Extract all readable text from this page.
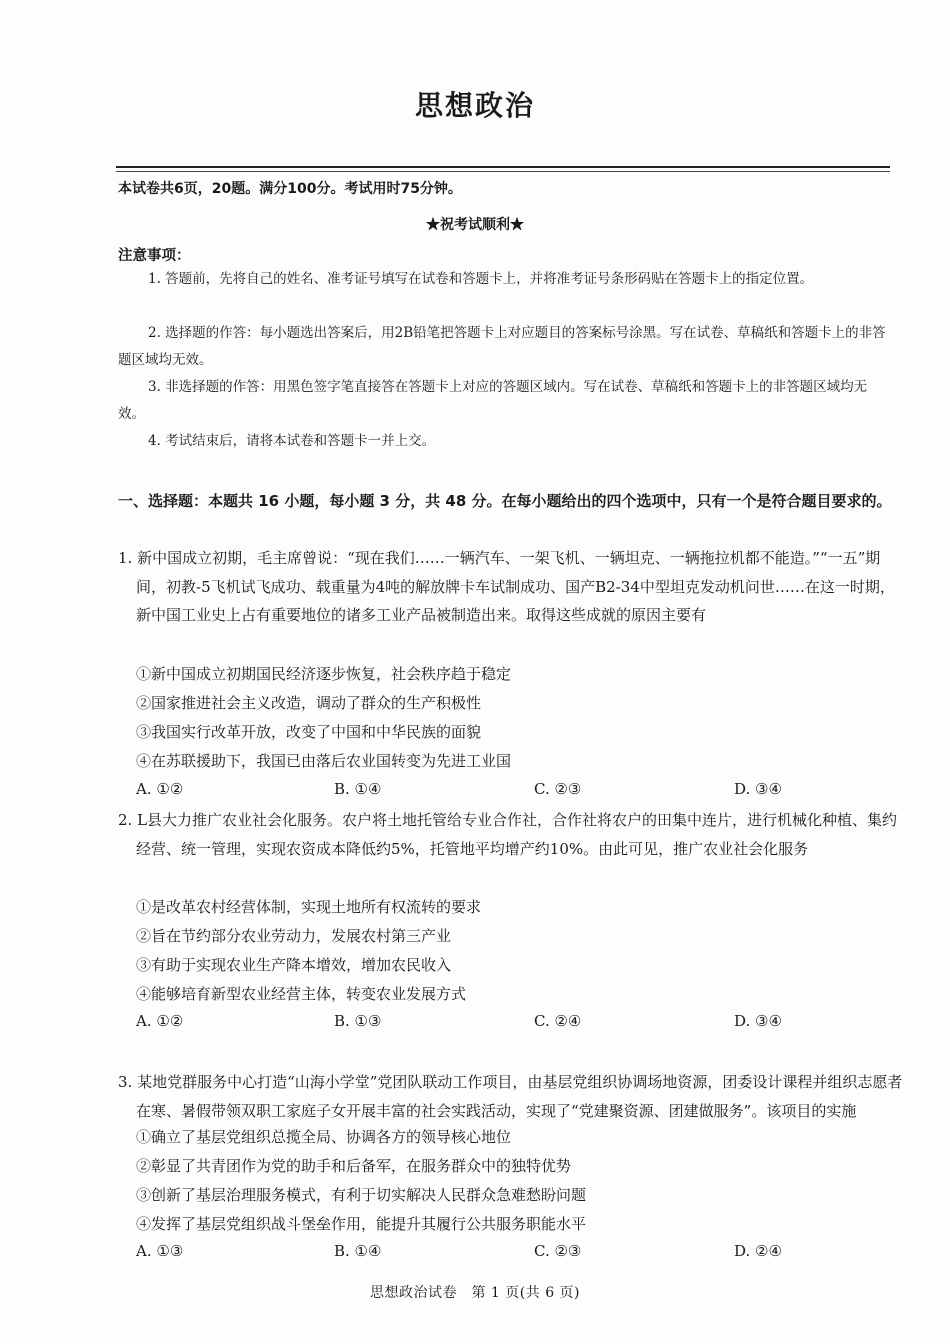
思想政治
本试卷共6页，20题。满分100分。考试用时75分钟。
★祝考试顺利★
注意事项：
1. 答题前，先将自己的姓名、准考证号填写在试卷和答题卡上，并将准考证号条形码贴在答题卡上的指定位置。
2. 选择题的作答：每小题选出答案后，用2B铅笔把答题卡上对应题目的答案标号涂黑。写在试卷、草稿纸和答题卡上的非答题区域均无效。
3. 非选择题的作答：用黑色签字笔直接答在答题卡上对应的答题区域内。写在试卷、草稿纸和答题卡上的非答题区域均无效。
4. 考试结束后，请将本试卷和答题卡一并上交。
一、选择题：本题共 16 小题，每小题 3 分，共 48 分。在每小题给出的四个选项中，只有一个是符合题目要求的。
1. 新中国成立初期，毛主席曾说：“现在我们……一辆汽车、一架飞机、一辆坦克、一辆拖拉机都不能造。”“一五”期间，初教-5飞机试飞成功、载重量为4吨的解放牌卡车试制成功、国产B2-34中型坦克发动机问世……在这一时期，新中国工业史上占有重要地位的诸多工业产品被制造出来。取得这些成就的原因主要有
①新中国成立初期国民经济逐步恢复，社会秩序趋于稳定
②国家推进社会主义改造，调动了群众的生产积极性
③我国实行改革开放，改变了中国和中华民族的面貌
④在苏联援助下，我国已由落后农业国转变为先进工业国
A. ①②	B. ①④	C. ②③	D. ③④
2. L县大力推广农业社会化服务。农户将土地托管给专业合作社，合作社将农户的田集中连片，进行机械化种植、集约经营、统一管理，实现农资成本降低约5%，托管地平均增产约10%。由此可见，推广农业社会化服务
①是改革农村经营体制，实现土地所有权流转的要求
②旨在节约部分农业劳动力，发展农村第三产业
③有助于实现农业生产降本增效，增加农民收入
④能够培育新型农业经营主体，转变农业发展方式
A. ①②	B. ①③	C. ②④	D. ③④
3. 某地党群服务中心打造“山海小学堂”党团队联动工作项目，由基层党组织协调场地资源，团委设计课程并组织志愿者在寒、暑假带领双职工家庭子女开展丰富的社会实践活动，实现了“党建聚资源、团建做服务”。该项目的实施
①确立了基层党组织总揽全局、协调各方的领导核心地位
②彰显了共青团作为党的助手和后备军，在服务群众中的独特优势
③创新了基层治理服务模式，有利于切实解决人民群众急难愁盼问题
④发挥了基层党组织战斗堡垒作用，能提升其履行公共服务职能水平
A. ①③	B. ①④	C. ②③	D. ②④
思想政治试卷　第 1 页(共 6 页)
